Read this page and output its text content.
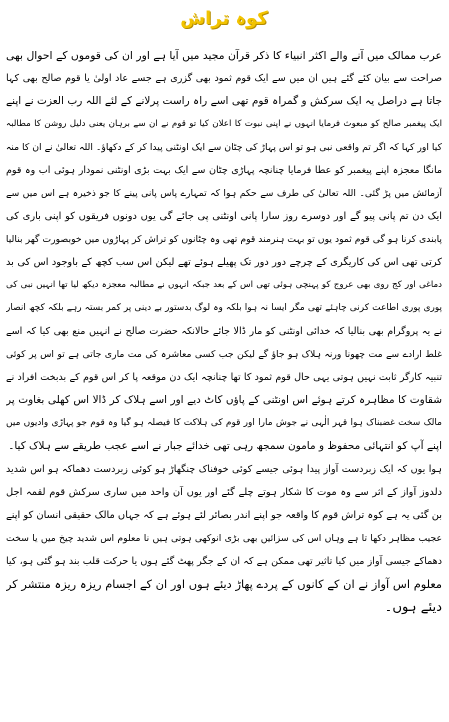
کوہ تراش
عرب ممالک میں آنے والے اکثر انبیاء کا ذکر قرآن مجید میں آیا ہے اور ان کی قوموں کے احوال بھی
صراحت سے بیان کئے گئے ہیں ان میں سے ایک قوم ثمود بھی گزری ہے جسے عاد اولیٰ یا قوم صالح بھی کہا
جاتا ہے دراصل یہ ایک سرکش و گمراہ قوم تھی اسے راہ راست پرلانے کے لئے اللہ رب العزت نے اپنے
ایک پیغمبر صالح کو مبعوث فرمایا انہوں نے اپنی نبوت کا اعلان کیا تو قوم نے ان سے برہان یعنی دلیل روشن کا مطالبہ
کیا اور کہا کہ اگر تم واقعی نبی ہو تو اس پہاڑ کی چٹان سے ایک اونٹنی پیدا کر کے دکھاؤ۔ اللہ تعالیٰ نے ان کا منہ
مانگا معجزہ اپنے پیغمبر کو عطا فرمایا چنانچہ پہاڑی چٹان سے ایک بہت بڑی اونٹنی نمودار ہوئی اب وہ قوم
آزمائش میں پڑ گئی۔ اللہ تعالیٰ کی طرف سے حکم ہوا کہ تمہارے پاس پانی پینے کا جو ذخیرہ ہے اس میں سے
ایک دن تم پانی پیو گے اور دوسرے روز سارا پانی اونٹنی پی جائے گی یوں دونوں فریقوں کو اپنی باری کی
پابندی کرنا ہو گی قوم ثمود یوں تو بہت ہنرمند قوم تھی وہ چٹانوں کو تراش کر پہاڑوں میں خوبصورت گھر بنالیا
کرتی تھی اس کی کاریگری کے چرچے دور دور تک پھیلے ہوئے تھے لیکن اس سب کچھ کے باوجود اس کی بد
دماغی اور کج روی بھی عروج کو پہنچی ہوئی تھی اس کے بعد جبکہ انہوں نے مطالبہ معجزہ دیکھ لیا تھا انہیں نبی کی
پوری پوری اطاعت کرنی چاہئے تھی مگر ایسا نہ ہوا بلکہ وہ لوگ بدستور بے دینی پر کمر بستہ رہے بلکہ کچھ انصار
نے یہ پروگرام بھی بنالیا کہ خدائی اونٹنی کو مار ڈالا جائے حالانکہ حضرت صالح نے انہیں منع بھی کیا کہ اسے
غلط ارادے سے مت چھونا ورنہ ہلاک ہو جاؤ گے لیکن جب کسی معاشرہ کی مت ماری جاتی ہے تو اس پر کوئی
تنبیہ کارگر ثابت نہیں ہوتی یہی حال قوم ثمود کا تھا چنانچہ ایک دن موقعہ پا کر اس قوم کے بدبخت افراد نے
شقاوت کا مظاہرہ کرتے ہوئے اس اونٹنی کے پاؤں کاٹ دیے اور اسے ہلاک کر ڈالا اس کھلی بغاوت پر
مالک سخت غضبناک ہوا قہر الٰہی نے جوش مارا اور قوم کی ہلاکت کا فیصلہ ہو گیا وہ قوم جو پہاڑی وادیوں میں
اپنے آپ کو انتہائی محفوظ و مامون سمجھ رہی تھی خدائے جبار نے اسے عجب طریقے سے ہلاک کیا۔
ہوا یوں کہ ایک زبردست آواز پیدا ہوئی جیسے کوئی خوفناک چنگھاڑ ہو کوئی زبردست دھماکہ ہو اس شدید
دلدوز آواز کے اثر سے وہ موت کا شکار ہوتے چلے گئے اور یوں آن واحد میں ساری سرکش قوم لقمہ اجل
بن گئی یہ ہے کوہ تراش قوم کا واقعہ جو اپنے اندر بصائر لئے ہوئے ہے کہ جہاں مالک حقیقی انسان کو اپنے
عجیب مظاہر دکھا تا ہے وہاں اس کی سزائیں بھی بڑی انوکھی ہوتی ہیں نا معلوم اس شدید چیخ میں یا سخت
دھماکے جیسی آواز میں کیا تاثیر تھی ممکن ہے کہ ان کے جگر پھٹ گئے ہوں یا حرکت قلب بند ہو گئی ہو، کیا
معلوم اس آواز نے ان کے کانوں کے پردے پھاڑ دیئے ہوں اور ان کے اجسام ریزہ ریزہ منتشر کر
دیئے ہوں۔
